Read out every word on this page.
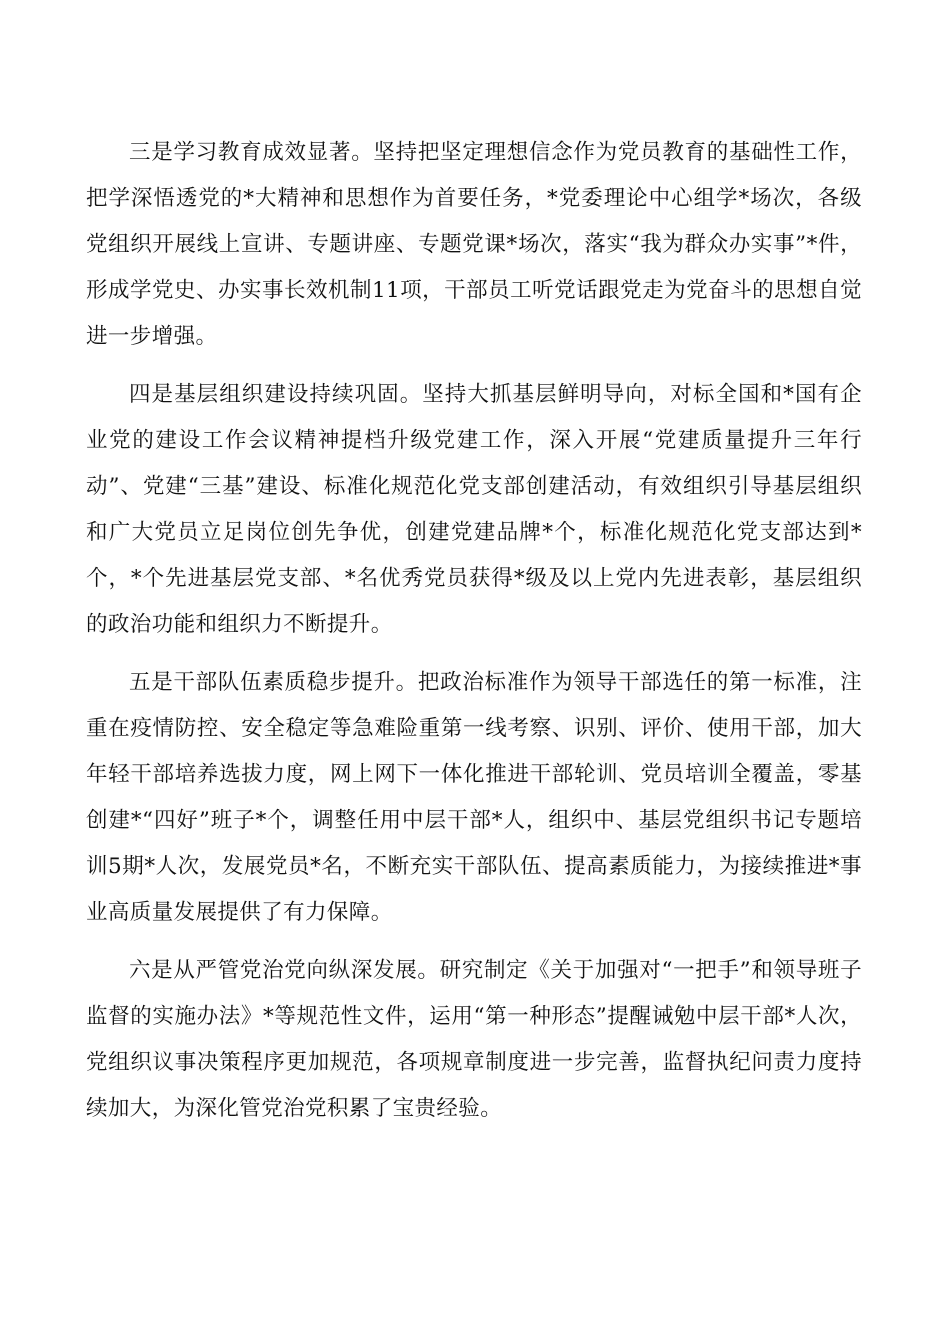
三是学习教育成效显著。坚持把坚定理想信念作为党员教育的基础性工作，把学深悟透党的*大精神和思想作为首要任务，*党委理论中心组学*场次，各级党组织开展线上宣讲、专题讲座、专题党课*场次，落实“我为群众办实事”*件，形成学党史、办实事长效机制11项，干部员工听党话跟党走为党奋斗的思想自觉进一步增强。

四是基层组织建设持续巩固。坚持大抓基层鲜明导向，对标全国和*国有企业党的建设工作会议精神提档升级党建工作，深入开展“党建质量提升三年行动”、党建“三基”建设、标准化规范化党支部创建活动，有效组织引导基层组织和广大党员立足岗位创先争优，创建党建品牌*个，标准化规范化党支部达到*个，*个先进基层党支部、*名优秀党员获得*级及以上党内先进表彰，基层组织的政治功能和组织力不断提升。

五是干部队伍素质稳步提升。把政治标准作为领导干部选任的第一标准，注重在疫情防控、安全稳定等急难险重第一线考察、识别、评价、使用干部，加大年轻干部培养选拔力度，网上网下一体化推进干部轮训、党员培训全覆盖，零基创建*“四好”班子*个，调整任用中层干部*人，组织中、基层党组织书记专题培训5期*人次，发展党员*名，不断充实干部队伍、提高素质能力，为接续推进*事业高质量发展提供了有力保障。

六是从严管党治党向纵深发展。研究制定《关于加强对“一把手”和领导班子监督的实施办法》*等规范性文件，运用“第一种形态”提醒诫勉中层干部*人次，党组织议事决策程序更加规范，各项规章制度进一步完善，监督执纪问责力度持续加大，为深化管党治党积累了宝贵经验。
